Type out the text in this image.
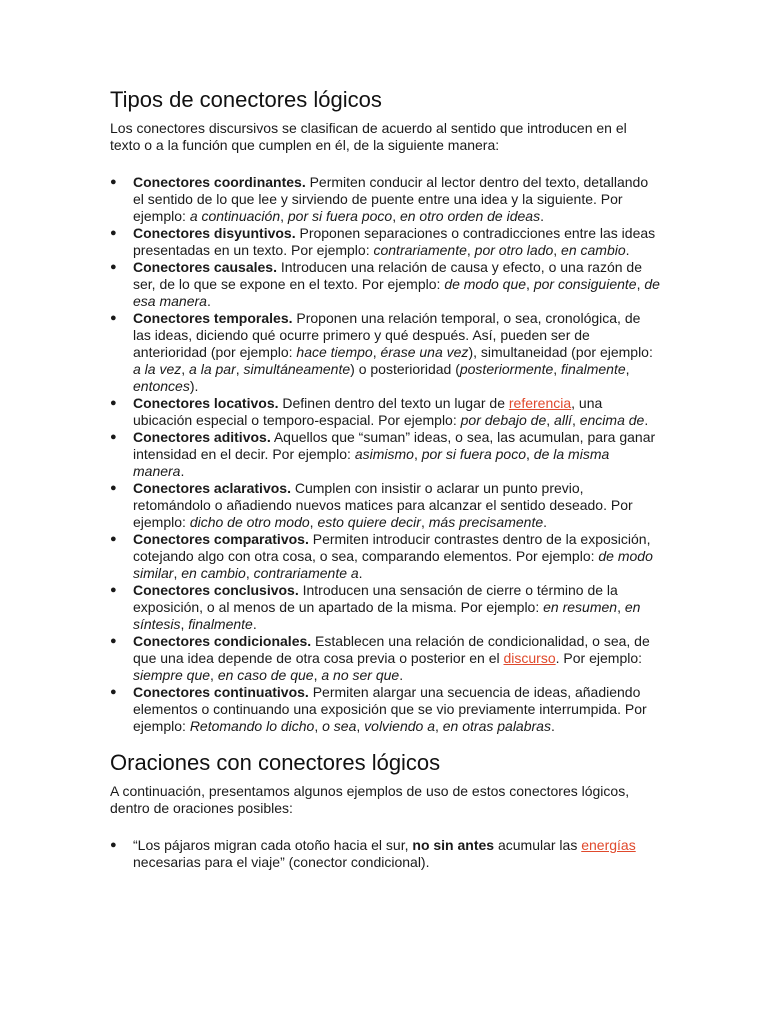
Tipos de conectores lógicos

Los conectores discursivos se clasifican de acuerdo al sentido que introducen en el texto o a la función que cumplen en él, de la siguiente manera:

● Conectores coordinantes. Permiten conducir al lector dentro del texto, detallando el sentido de lo que lee y sirviendo de puente entre una idea y la siguiente. Por ejemplo: a continuación, por si fuera poco, en otro orden de ideas.
● Conectores disyuntivos. Proponen separaciones o contradicciones entre las ideas presentadas en un texto. Por ejemplo: contrariamente, por otro lado, en cambio.
● Conectores causales. Introducen una relación de causa y efecto, o una razón de ser, de lo que se expone en el texto. Por ejemplo: de modo que, por consiguiente, de esa manera.
● Conectores temporales. Proponen una relación temporal, o sea, cronológica, de las ideas, diciendo qué ocurre primero y qué después. Así, pueden ser de anterioridad (por ejemplo: hace tiempo, érase una vez), simultaneidad (por ejemplo: a la vez, a la par, simultáneamente) o posterioridad (posteriormente, finalmente, entonces).
● Conectores locativos. Definen dentro del texto un lugar de referencia, una ubicación especial o temporo-espacial. Por ejemplo: por debajo de, allí, encima de.
● Conectores aditivos. Aquellos que “suman” ideas, o sea, las acumulan, para ganar intensidad en el decir. Por ejemplo: asimismo, por si fuera poco, de la misma manera.
● Conectores aclarativos. Cumplen con insistir o aclarar un punto previo, retomándolo o añadiendo nuevos matices para alcanzar el sentido deseado. Por ejemplo: dicho de otro modo, esto quiere decir, más precisamente.
● Conectores comparativos. Permiten introducir contrastes dentro de la exposición, cotejando algo con otra cosa, o sea, comparando elementos. Por ejemplo: de modo similar, en cambio, contrariamente a.
● Conectores conclusivos. Introducen una sensación de cierre o término de la exposición, o al menos de un apartado de la misma. Por ejemplo: en resumen, en síntesis, finalmente.
● Conectores condicionales. Establecen una relación de condicionalidad, o sea, de que una idea depende de otra cosa previa o posterior en el discurso. Por ejemplo: siempre que, en caso de que, a no ser que.
● Conectores continuativos. Permiten alargar una secuencia de ideas, añadiendo elementos o continuando una exposición que se vio previamente interrumpida. Por ejemplo: Retomando lo dicho, o sea, volviendo a, en otras palabras.
Oraciones con conectores lógicos

A continuación, presentamos algunos ejemplos de uso de estos conectores lógicos, dentro de oraciones posibles:

● “Los pájaros migran cada otoño hacia el sur, no sin antes acumular las energías necesarias para el viaje” (conector condicional).
